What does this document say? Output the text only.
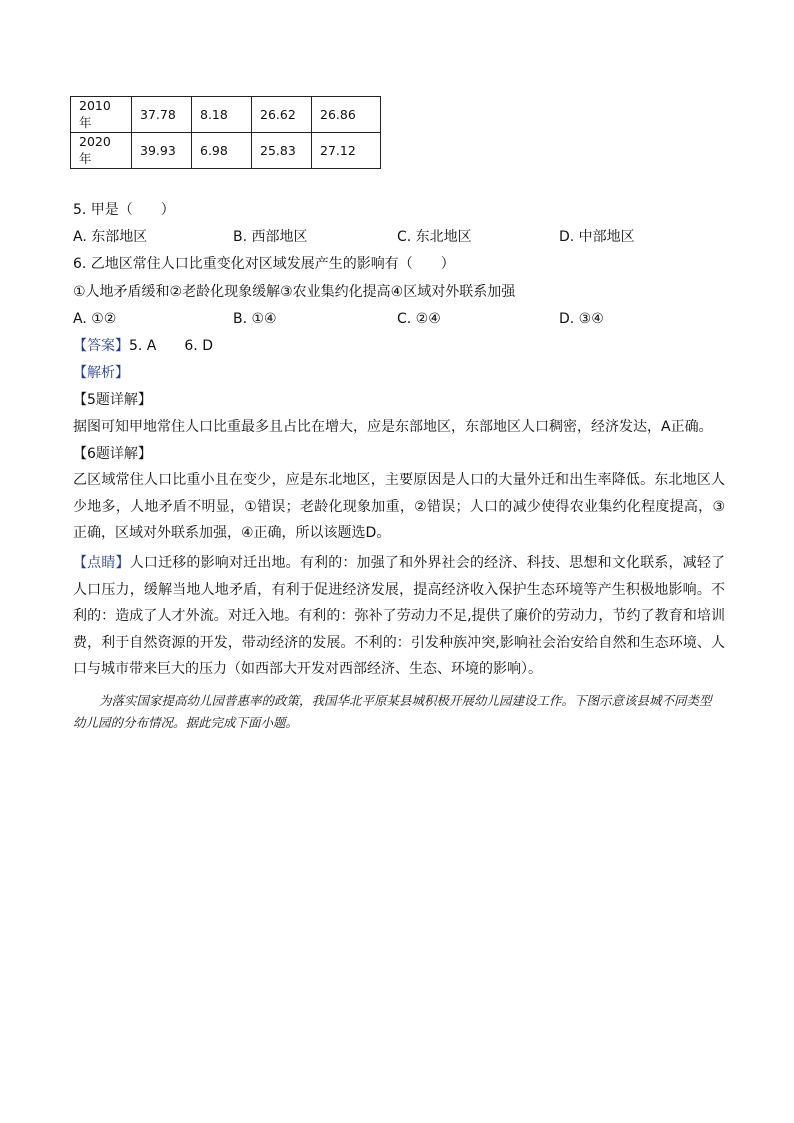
2010 年	37.78	8.18	26.62	26.86
2020 年	39.93	6.98	25.83	27.12
5. 甲是（　　）
A. 东部地区	B. 西部地区	C. 东北地区	D. 中部地区
6. 乙地区常住人口比重变化对区域发展产生的影响有（　　）
①人地矛盾缓和②老龄化现象缓解③农业集约化提高④区域对外联系加强
A. ①②	B. ①④	C. ②④	D. ③④
【答案】5. A　　6. D
【解析】
【5题详解】
据图可知甲地常住人口比重最多且占比在增大，应是东部地区，东部地区人口稠密，经济发达，A正确。
【6题详解】
乙区域常住人口比重小且在变少，应是东北地区，主要原因是人口的大量外迁和出生率降低。东北地区人少地多，人地矛盾不明显，①错误；老龄化现象加重，②错误；人口的减少使得农业集约化程度提高，③正确，区域对外联系加强，④正确，所以该题选D。
【点睛】人口迁移的影响对迁出地。有利的：加强了和外界社会的经济、科技、思想和文化联系，减轻了人口压力，缓解当地人地矛盾，有利于促进经济发展，提高经济收入保护生态环境等产生积极地影响。不利的：造成了人才外流。对迁入地。有利的：弥补了劳动力不足,提供了廉价的劳动力，节约了教育和培训费，利于自然资源的开发，带动经济的发展。不利的：引发种族冲突,影响社会治安给自然和生态环境、人口与城市带来巨大的压力（如西部大开发对西部经济、生态、环境的影响）。
为落实国家提高幼儿园普惠率的政策，我国华北平原某县城积极开展幼儿园建设工作。下图示意该县城不同类型幼儿园的分布情况。据此完成下面小题。
